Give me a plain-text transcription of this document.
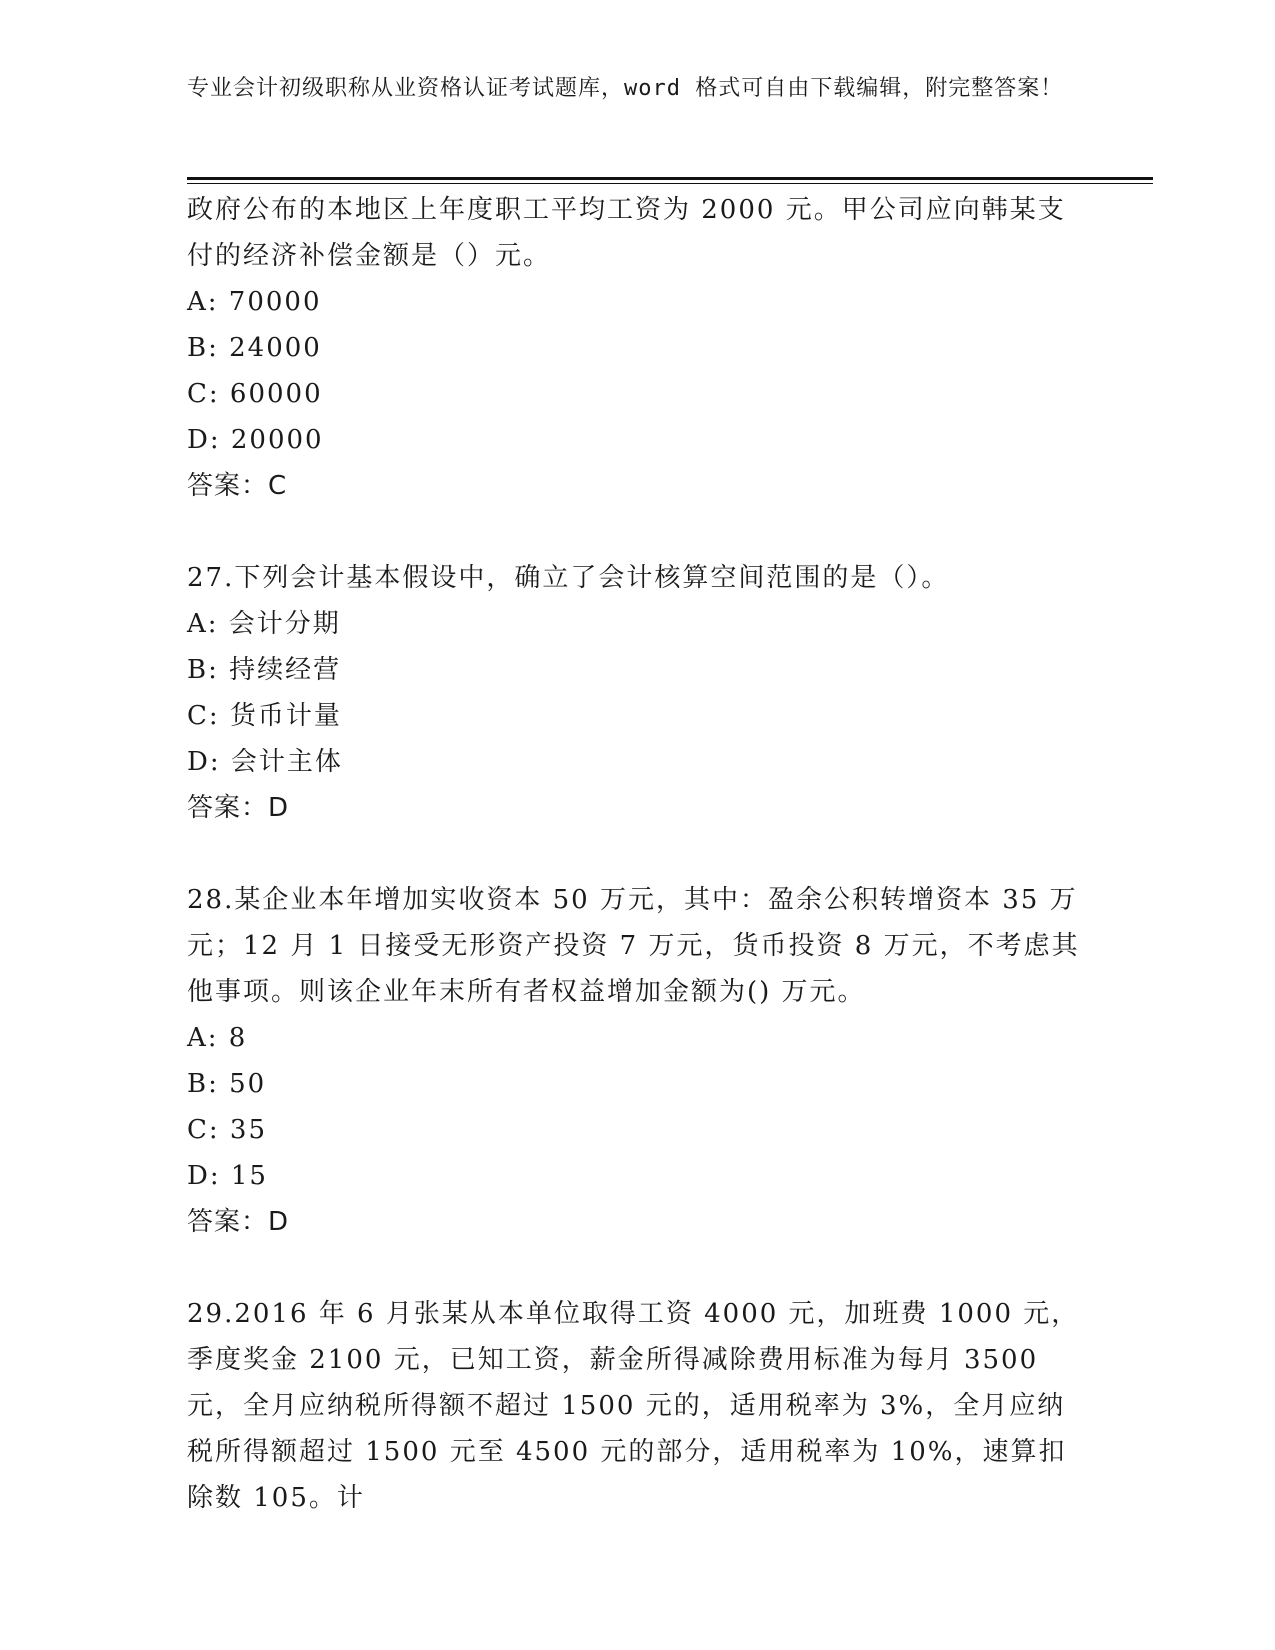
专业会计初级职称从业资格认证考试题库，word 格式可自由下载编辑，附完整答案！

政府公布的本地区上年度职工平均工资为 2000 元。甲公司应向韩某支付的经济补偿金额是（）元。

A: 70000

B: 24000

C: 60000

D: 20000

答案：C

27.下列会计基本假设中，确立了会计核算空间范围的是（）。

A: 会计分期

B: 持续经营

C: 货币计量

D: 会计主体

答案：D

28.某企业本年增加实收资本 50 万元，其中：盈余公积转增资本 35 万元；12 月 1 日接受无形资产投资 7 万元，货币投资 8 万元，不考虑其他事项。则该企业年末所有者权益增加金额为() 万元。

A: 8

B: 50

C: 35

D: 15

答案：D

29.2016 年 6 月张某从本单位取得工资 4000 元，加班费 1000 元，季度奖金 2100 元，已知工资，薪金所得减除费用标准为每月 3500 元，全月应纳税所得额不超过 1500 元的，适用税率为 3%，全月应纳税所得额超过 1500 元至 4500 元的部分，适用税率为 10%，速算扣除数 105。计
